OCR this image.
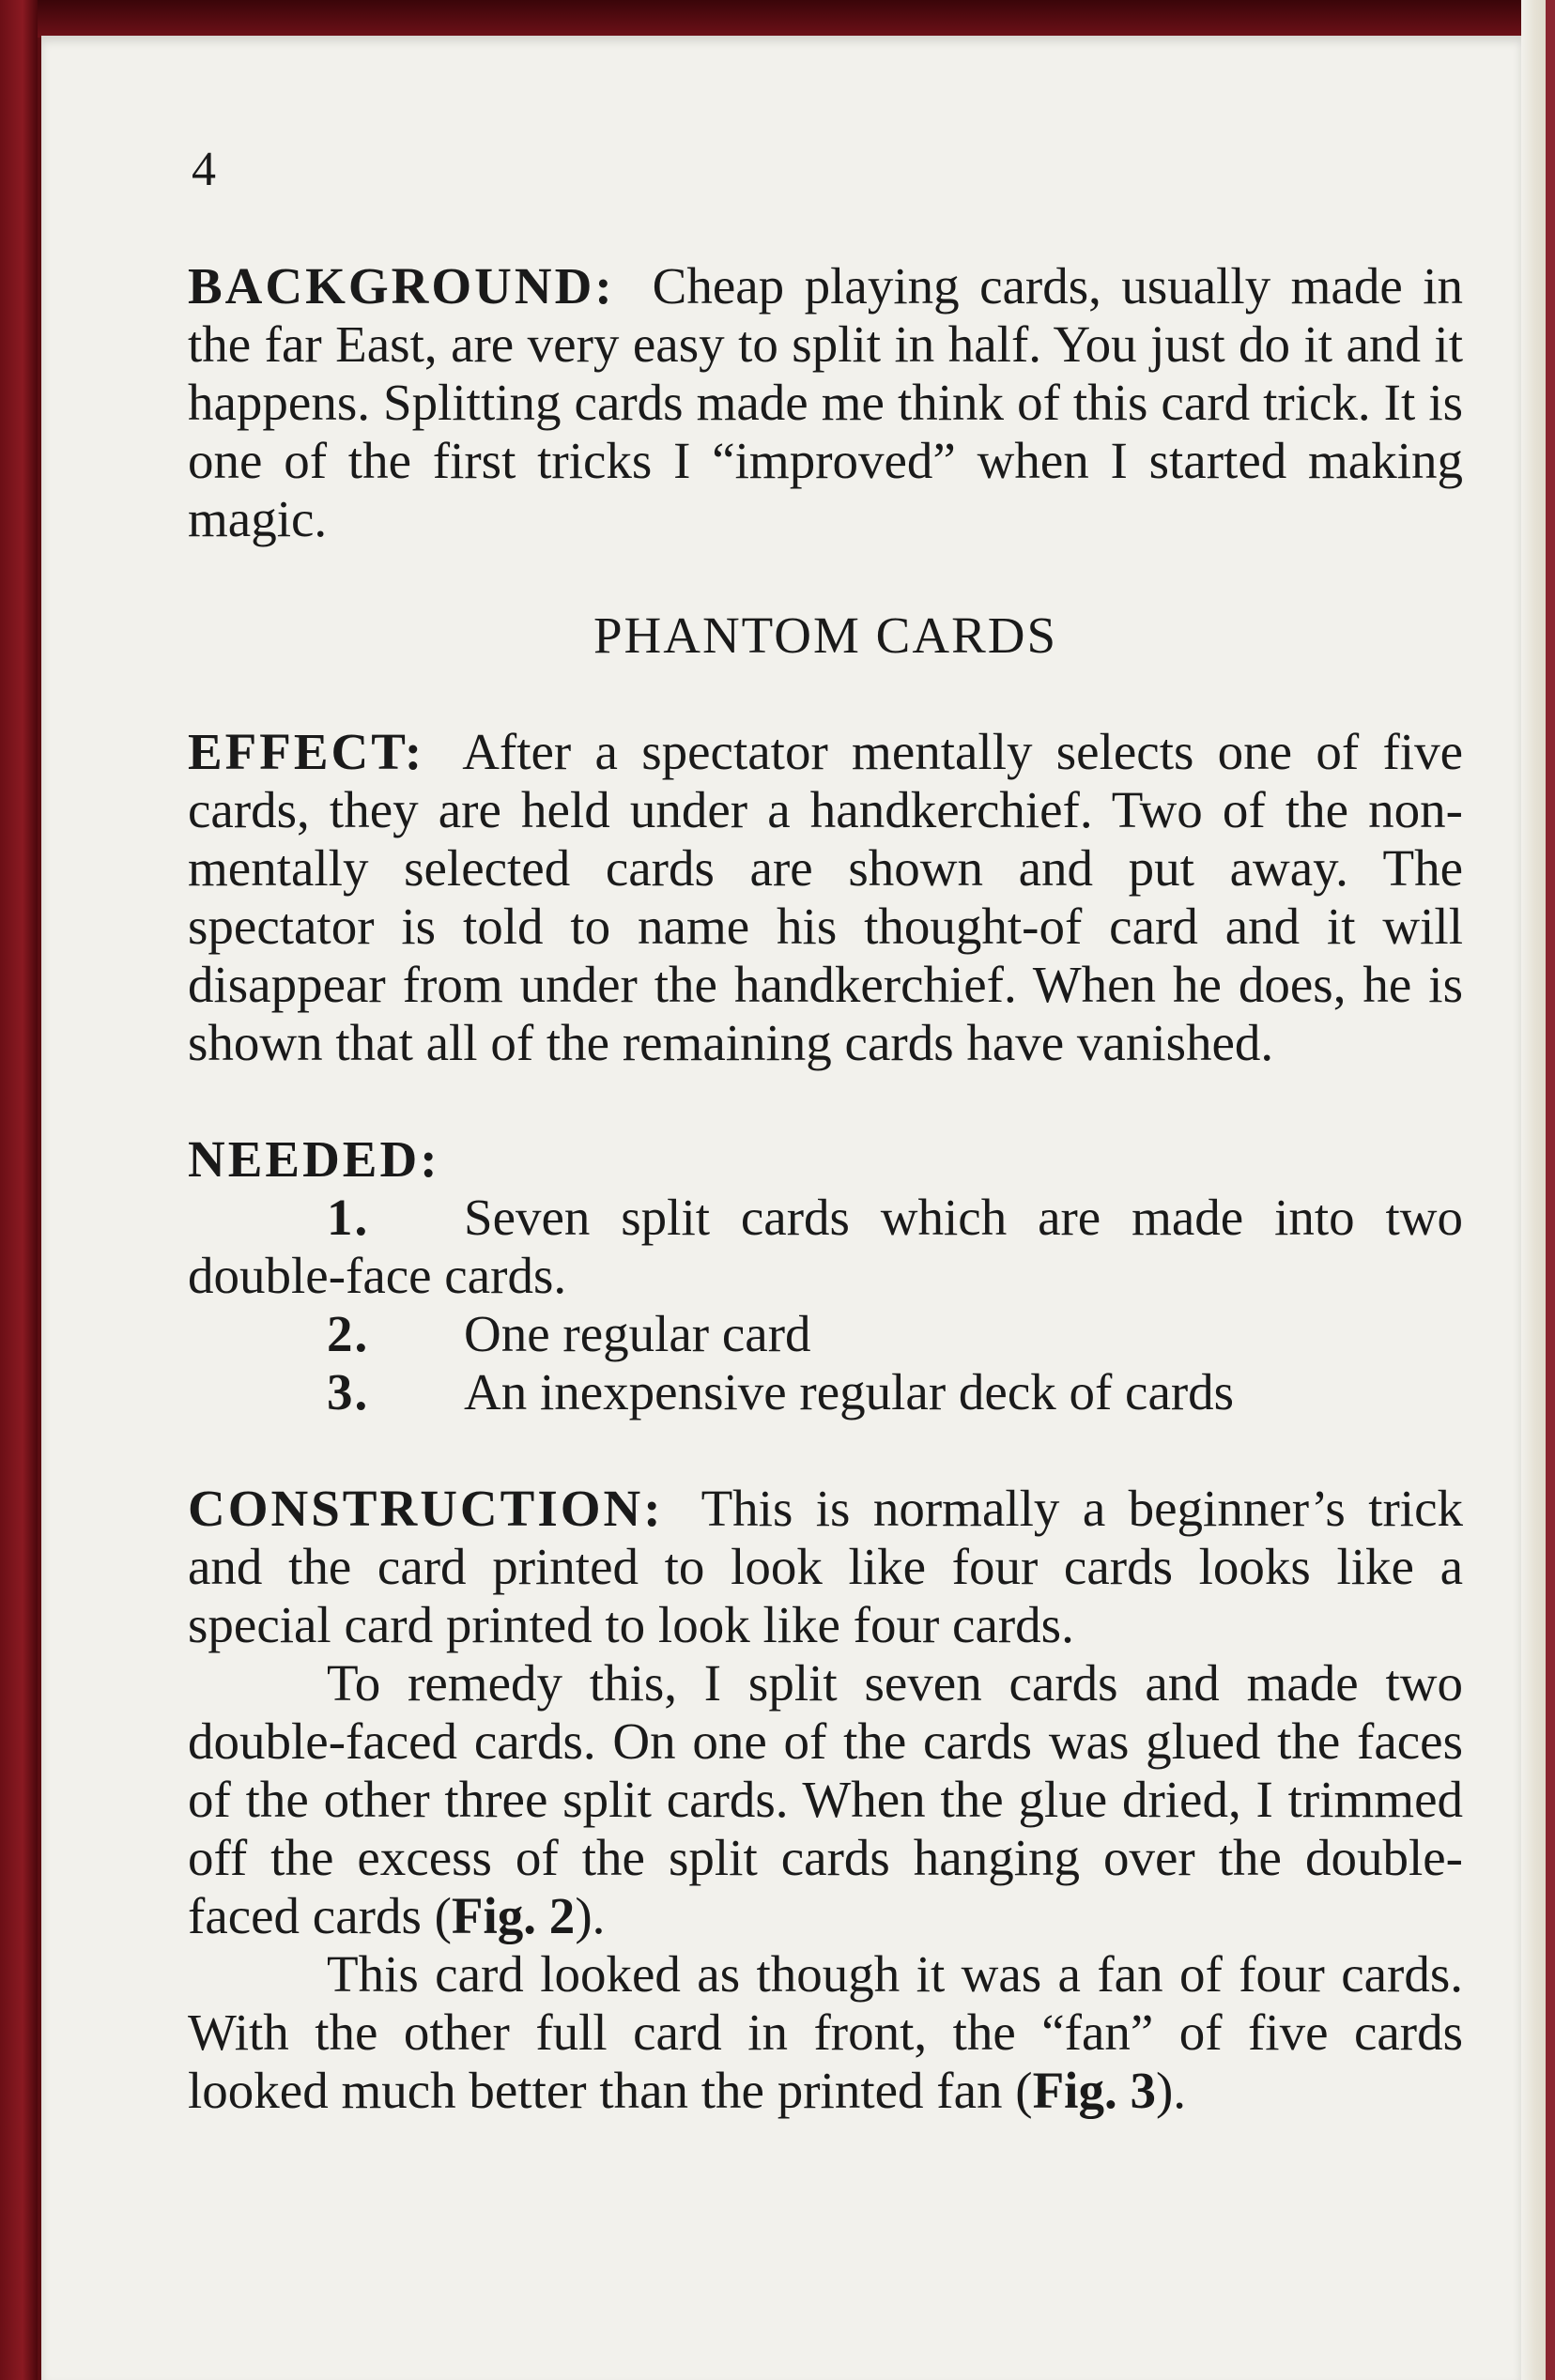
4

BACKGROUND: Cheap playing cards, usually made in the far East, are very easy to split in half. You just do it and it happens. Splitting cards made me think of this card trick. It is one of the first tricks I “improved” when I started making magic.

PHANTOM CARDS

EFFECT: After a spectator mentally selects one of five cards, they are held under a handkerchief. Two of the non-mentally selected cards are shown and put away. The spectator is told to name his thought-of card and it will disappear from under the handkerchief. When he does, he is shown that all of the remaining cards have vanished.

NEEDED:
1.	Seven split cards which are made into two
double-face cards.
2.	One regular card
3.	An inexpensive regular deck of cards

CONSTRUCTION: This is normally a beginner’s trick and the card printed to look like four cards looks like a special card printed to look like four cards.

To remedy this, I split seven cards and made two double-faced cards. On one of the cards was glued the faces of the other three split cards. When the glue dried, I trimmed off the excess of the split cards hanging over the double-faced cards (Fig. 2).

This card looked as though it was a fan of four cards. With the other full card in front, the “fan” of five cards looked much better than the printed fan (Fig. 3).
